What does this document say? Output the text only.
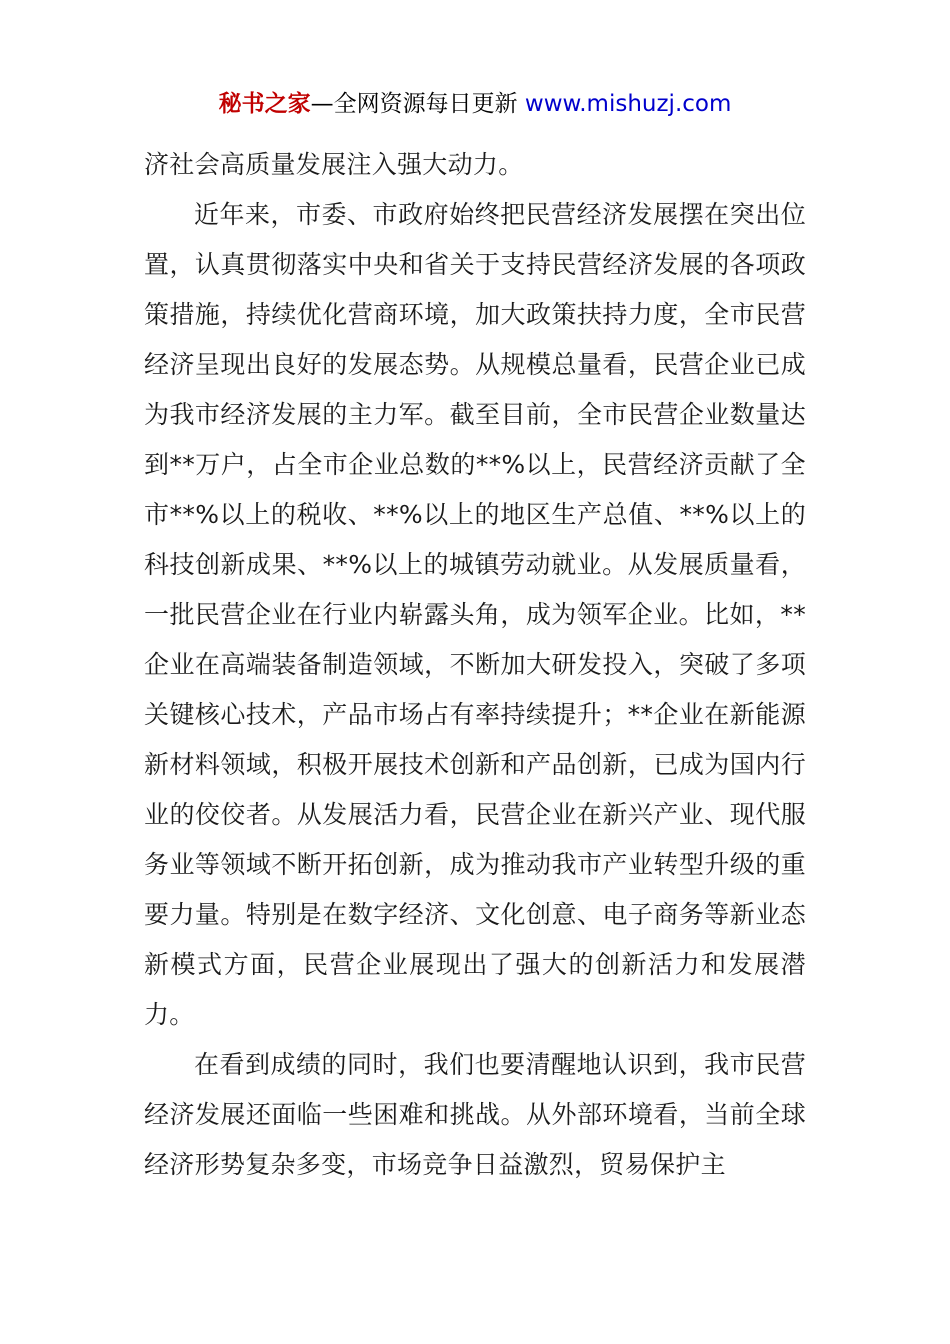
秘书之家—全网资源每日更新 www.mishuzj.com

济社会高质量发展注入强大动力。

近年来，市委、市政府始终把民营经济发展摆在突出位置，认真贯彻落实中央和省关于支持民营经济发展的各项政策措施，持续优化营商环境，加大政策扶持力度，全市民营经济呈现出良好的发展态势。从规模总量看，民营企业已成为我市经济发展的主力军。截至目前，全市民营企业数量达到**万户，占全市企业总数的**%以上，民营经济贡献了全市**%以上的税收、**%以上的地区生产总值、**%以上的科技创新成果、**%以上的城镇劳动就业。从发展质量看，一批民营企业在行业内崭露头角，成为领军企业。比如，**企业在高端装备制造领域，不断加大研发投入，突破了多项关键核心技术，产品市场占有率持续提升；**企业在新能源新材料领域，积极开展技术创新和产品创新，已成为国内行业的佼佼者。从发展活力看，民营企业在新兴产业、现代服务业等领域不断开拓创新，成为推动我市产业转型升级的重要力量。特别是在数字经济、文化创意、电子商务等新业态新模式方面，民营企业展现出了强大的创新活力和发展潜力。

在看到成绩的同时，我们也要清醒地认识到，我市民营经济发展还面临一些困难和挑战。从外部环境看，当前全球经济形势复杂多变，市场竞争日益激烈，贸易保护主
